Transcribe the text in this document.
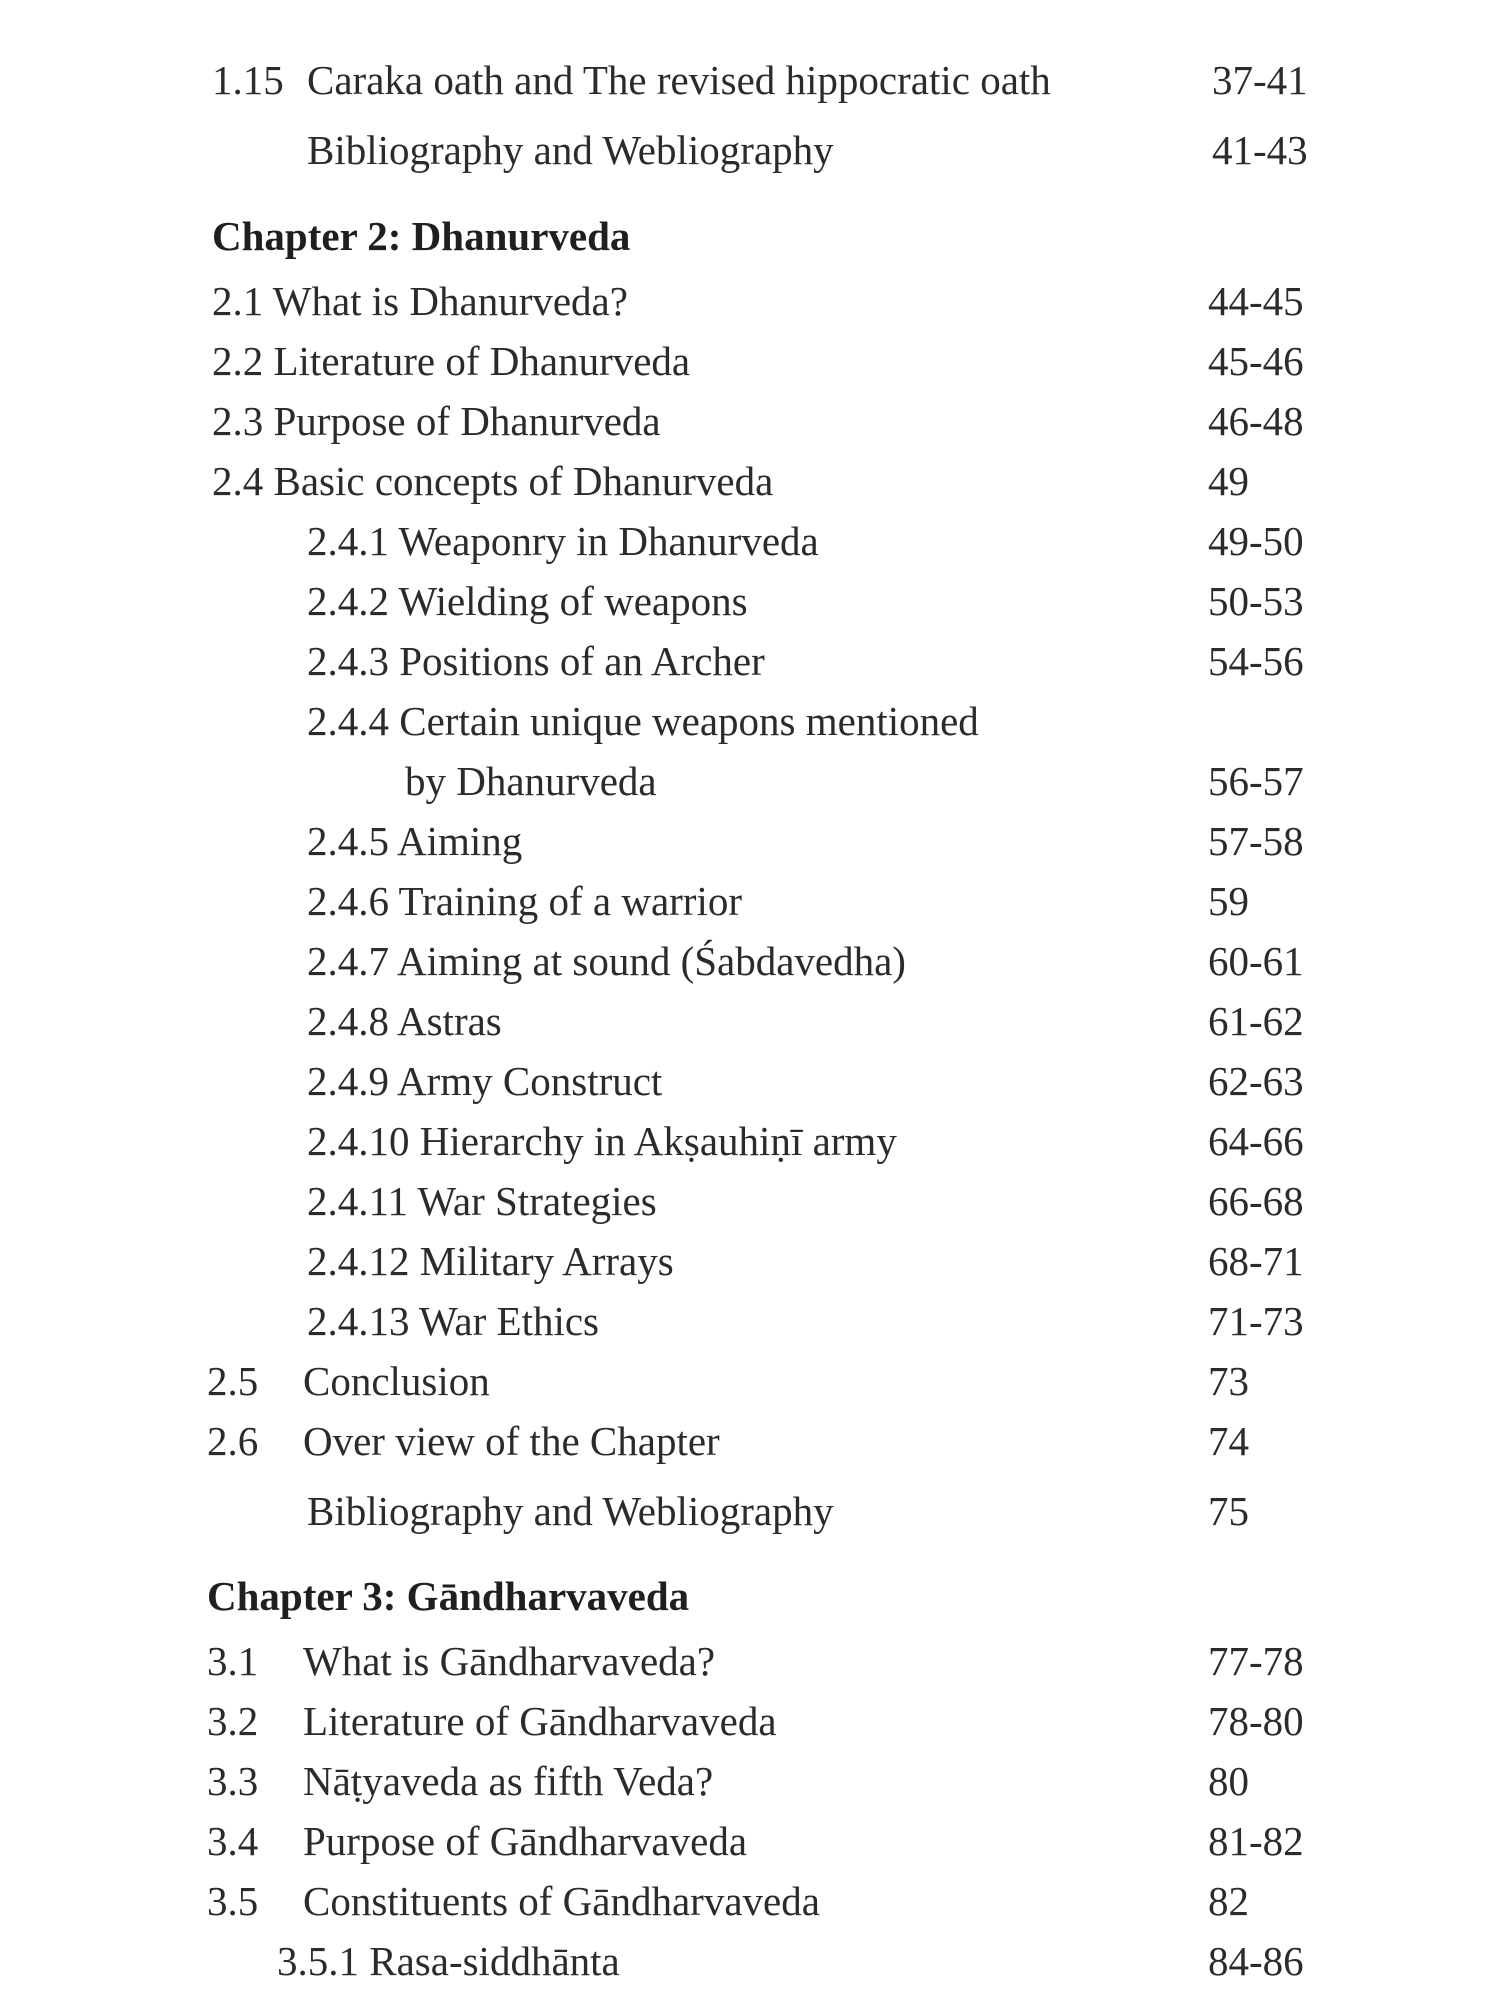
1.15 Caraka oath and The revised hippocratic oath	37-41
Bibliography and Webliography	41-43
Chapter 2: Dhanurveda
2.1 What is Dhanurveda?	44-45
2.2 Literature of Dhanurveda	45-46
2.3 Purpose of Dhanurveda	46-48
2.4 Basic concepts of Dhanurveda	49
2.4.1 Weaponry in Dhanurveda	49-50
2.4.2 Wielding of weapons	50-53
2.4.3 Positions of an Archer	54-56
2.4.4 Certain unique weapons mentioned
by Dhanurveda	56-57
2.4.5 Aiming	57-58
2.4.6 Training of a warrior	59
2.4.7 Aiming at sound (Śabdavedha)	60-61
2.4.8 Astras	61-62
2.4.9 Army Construct	62-63
2.4.10 Hierarchy in Akṣauhiṇī army	64-66
2.4.11 War Strategies	66-68
2.4.12 Military Arrays	68-71
2.4.13 War Ethics	71-73
2.5 Conclusion	73
2.6 Over view of the Chapter	74
Bibliography and Webliography	75
Chapter 3: Gāndharvaveda
3.1 What is Gāndharvaveda?	77-78
3.2 Literature of Gāndharvaveda	78-80
3.3 Nāṭyaveda as fifth Veda?	80
3.4 Purpose of Gāndharvaveda	81-82
3.5 Constituents of Gāndharvaveda	82
3.5.1 Rasa-siddhānta	84-86
